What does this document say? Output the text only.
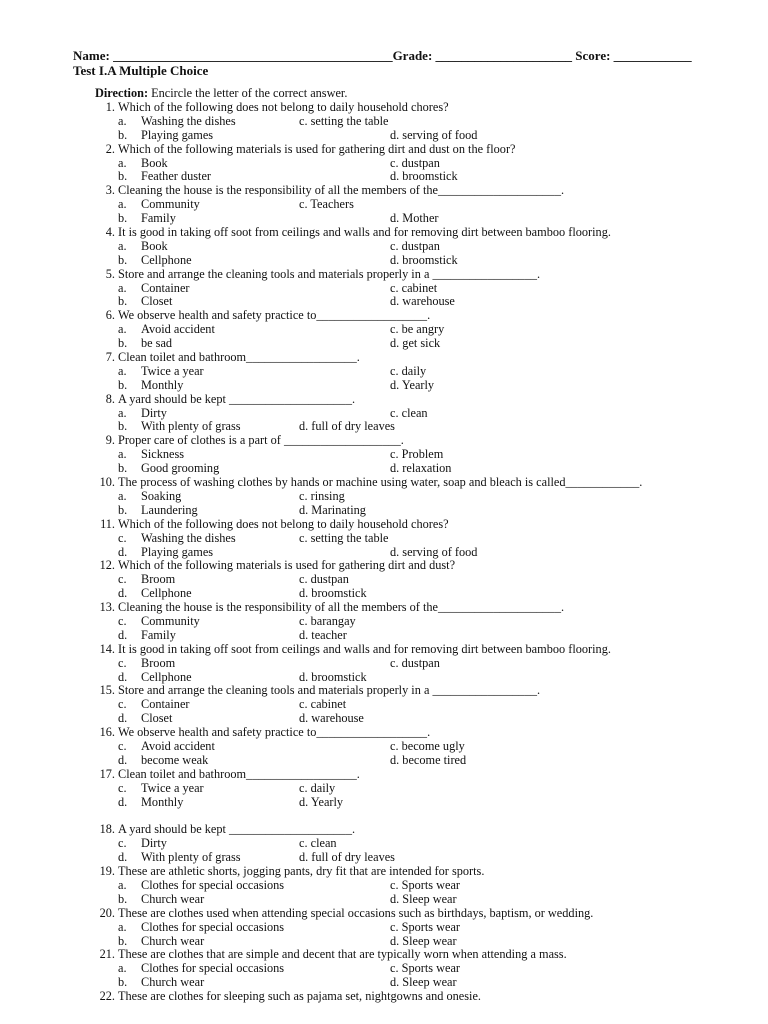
Name: ___________________________________________Grade: _____________________ Score: ____________
Test I.A Multiple Choice
Direction: Encircle the letter of the correct answer.
1. Which of the following does not belong to daily household chores?
a. Washing the dishes	c. setting the table
b. Playing games	d. serving of food
2. Which of the following materials is used for gathering dirt and dust on the floor?
a. Book	c. dustpan
b. Feather duster	d. broomstick
3. Cleaning the house is the responsibility of all the members of the____________________.
a. Community	c. Teachers
b. Family	d. Mother
4. It is good in taking off soot from ceilings and walls and for removing dirt between bamboo flooring.
a. Book	c. dustpan
b. Cellphone	d. broomstick
5. Store and arrange the cleaning tools and materials properly in a _________________.
a. Container	c. cabinet
b. Closet	d. warehouse
6. We observe health and safety practice to__________________.
a. Avoid accident	c. be angry
b. be sad	d. get sick
7. Clean toilet and bathroom__________________.
a. Twice a year	c. daily
b. Monthly	d. Yearly
8. A yard should be kept ____________________.
a. Dirty	c. clean
b. With plenty of grass	d. full of dry leaves
9. Proper care of clothes is a part of ___________________.
a. Sickness	c. Problem
b. Good grooming	d. relaxation
10. The process of washing clothes by hands or machine using water, soap and bleach is called____________.
a. Soaking	c. rinsing
b. Laundering	d. Marinating
11. Which of the following does not belong to daily household chores?
c. Washing the dishes	c. setting the table
d. Playing games	d. serving of food
12. Which of the following materials is used for gathering dirt and dust?
c. Broom	c. dustpan
d. Cellphone	d. broomstick
13. Cleaning the house is the responsibility of all the members of the____________________.
c. Community	c. barangay
d. Family	d. teacher
14. It is good in taking off soot from ceilings and walls and for removing dirt between bamboo flooring.
c. Broom	c. dustpan
d. Cellphone	d. broomstick
15. Store and arrange the cleaning tools and materials properly in a _________________.
c. Container	c. cabinet
d. Closet	d. warehouse
16. We observe health and safety practice to__________________.
c. Avoid accident	c. become ugly
d. become weak	d. become tired
17. Clean toilet and bathroom__________________.
c. Twice a year	c. daily
d. Monthly	d. Yearly
18. A yard should be kept ____________________.
c. Dirty	c. clean
d. With plenty of grass	d. full of dry leaves
19. These are athletic shorts, jogging pants, dry fit that are intended for sports.
a. Clothes for special occasions	c. Sports wear
b. Church wear	d. Sleep wear
20. These are clothes used when attending special occasions such as birthdays, baptism, or wedding.
a. Clothes for special occasions	c. Sports wear
b. Church wear	d. Sleep wear
21. These are clothes that are simple and decent that are typically worn when attending a mass.
a. Clothes for special occasions	c. Sports wear
b. Church wear	d. Sleep wear
22. These are clothes for sleeping such as pajama set, nightgowns and onesie.
